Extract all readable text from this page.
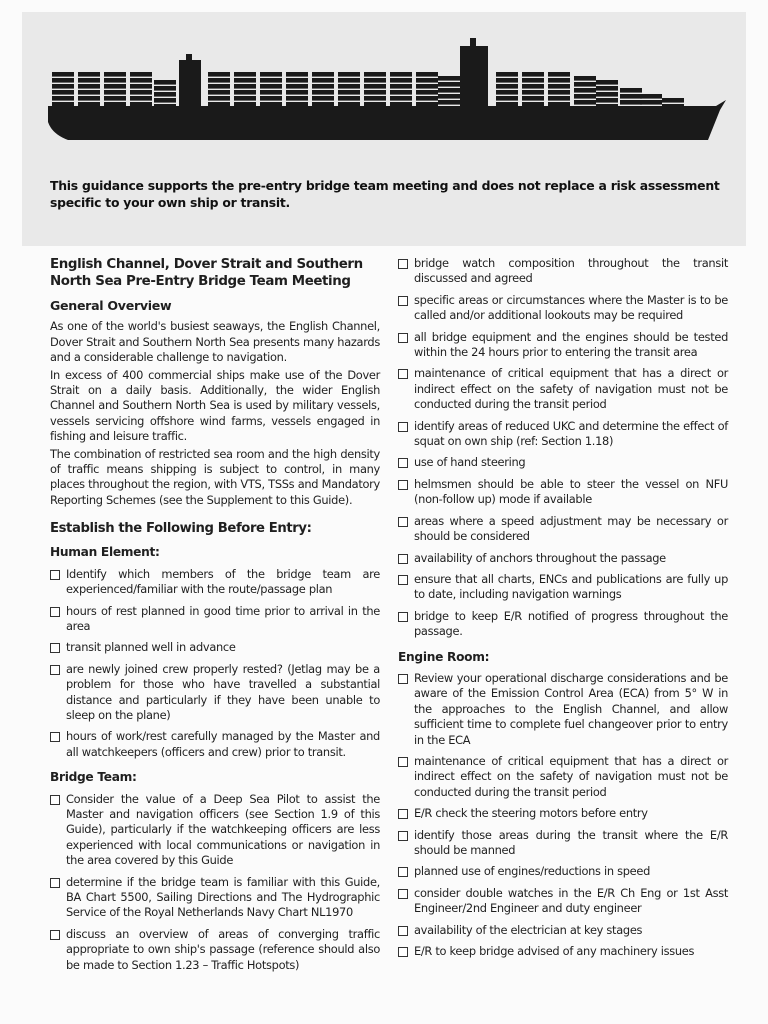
This guidance supports the pre-entry bridge team meeting and does not replace a risk assessment specific to your own ship or transit.
English Channel, Dover Strait and Southern North Sea Pre-Entry Bridge Team Meeting
General Overview

As one of the world's busiest seaways, the English Channel, Dover Strait and Southern North Sea presents many hazards and a considerable challenge to navigation.

In excess of 400 commercial ships make use of the Dover Strait on a daily basis. Additionally, the wider English Channel and Southern North Sea is used by military vessels, vessels servicing offshore wind farms, vessels engaged in fishing and leisure traffic.

The combination of restricted sea room and the high density of traffic means shipping is subject to control, in many places throughout the region, with VTS, TSSs and Mandatory Reporting Schemes (see the Supplement to this Guide).

Establish the Following Before Entry:
Human Element:
Identify which members of the bridge team are experienced/familiar with the route/passage plan
hours of rest planned in good time prior to arrival in the area
transit planned well in advance
are newly joined crew properly rested? (Jetlag may be a problem for those who have travelled a substantial distance and particularly if they have been unable to sleep on the plane)
hours of work/rest carefully managed by the Master and all watchkeepers (officers and crew) prior to transit.
Bridge Team:
Consider the value of a Deep Sea Pilot to assist the Master and navigation officers (see Section 1.9 of this Guide), particularly if the watchkeeping officers are less experienced with local communications or navigation in the area covered by this Guide
determine if the bridge team is familiar with this Guide, BA Chart 5500, Sailing Directions and The Hydrographic Service of the Royal Netherlands Navy Chart NL1970
discuss an overview of areas of converging traffic appropriate to own ship's passage (reference should also be made to Section 1.23 – Traffic Hotspots)
bridge watch composition throughout the transit discussed and agreed
specific areas or circumstances where the Master is to be called and/or additional lookouts may be required
all bridge equipment and the engines should be tested within the 24 hours prior to entering the transit area
maintenance of critical equipment that has a direct or indirect effect on the safety of navigation must not be conducted during the transit period
identify areas of reduced UKC and determine the effect of squat on own ship (ref: Section 1.18)
use of hand steering
helmsmen should be able to steer the vessel on NFU (non-follow up) mode if available
areas where a speed adjustment may be necessary or should be considered
availability of anchors throughout the passage
ensure that all charts, ENCs and publications are fully up to date, including navigation warnings
bridge to keep E/R notified of progress throughout the passage.
Engine Room:
Review your operational discharge considerations and be aware of the Emission Control Area (ECA) from 5° W in the approaches to the English Channel, and allow sufficient time to complete fuel changeover prior to entry in the ECA
maintenance of critical equipment that has a direct or indirect effect on the safety of navigation must not be conducted during the transit period
E/R check the steering motors before entry
identify those areas during the transit where the E/R should be manned
planned use of engines/reductions in speed
consider double watches in the E/R Ch Eng or 1st Asst Engineer/2nd Engineer and duty engineer
availability of the electrician at key stages
E/R to keep bridge advised of any machinery issues
